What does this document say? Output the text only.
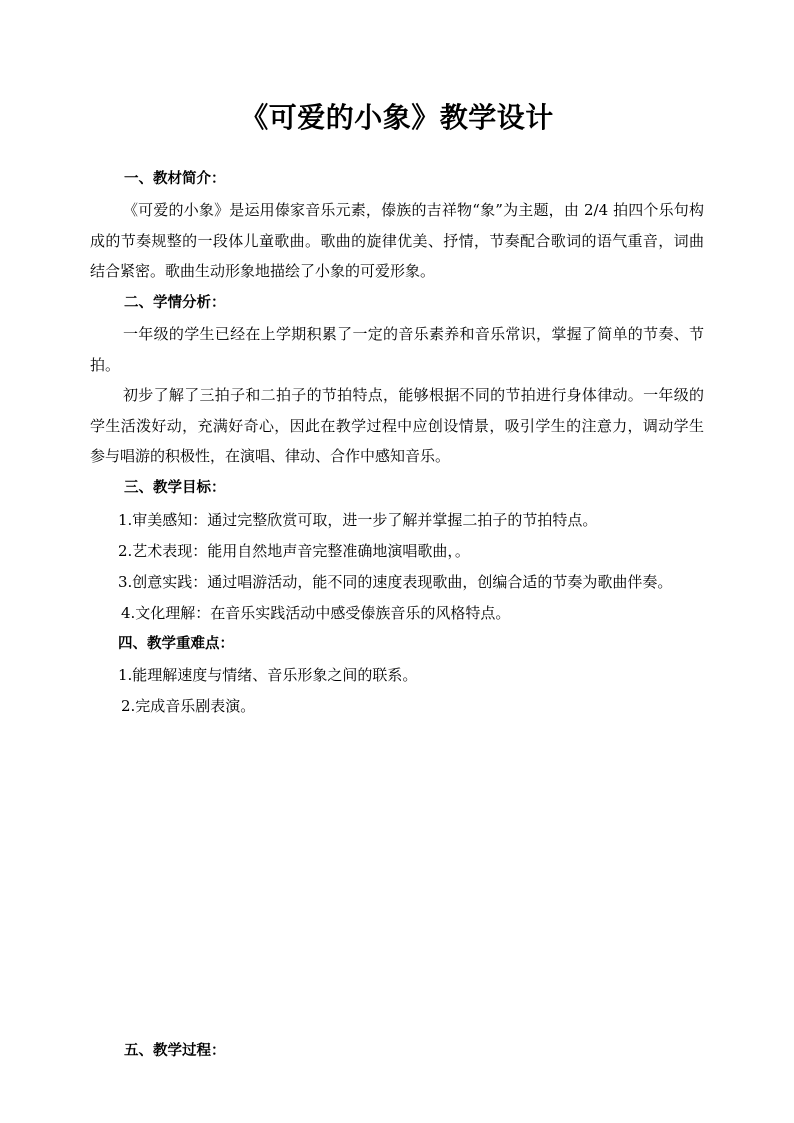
《可爱的小象》教学设计
一、教材简介：
《可爱的小象》是运用傣家音乐元素，傣族的吉祥物“象”为主题，由 2/4 拍四个乐句构成的节奏规整的一段体儿童歌曲。歌曲的旋律优美、抒情，节奏配合歌词的语气重音，词曲结合紧密。歌曲生动形象地描绘了小象的可爱形象。
二、学情分析：
一年级的学生已经在上学期积累了一定的音乐素养和音乐常识，掌握了简单的节奏、节拍。
初步了解了三拍子和二拍子的节拍特点，能够根据不同的节拍进行身体律动。一年级的学生活泼好动，充满好奇心，因此在教学过程中应创设情景，吸引学生的注意力，调动学生参与唱游的积极性，在演唱、律动、合作中感知音乐。
三、教学目标：
1.审美感知：通过完整欣赏可取，进一步了解并掌握二拍子的节拍特点。
2.艺术表现：能用自然地声音完整准确地演唱歌曲，。
3.创意实践：通过唱游活动，能不同的速度表现歌曲，创编合适的节奏为歌曲伴奏。
4.文化理解：在音乐实践活动中感受傣族音乐的风格特点。
四、教学重难点：
1.能理解速度与情绪、音乐形象之间的联系。
2.完成音乐剧表演。
五、教学过程：
